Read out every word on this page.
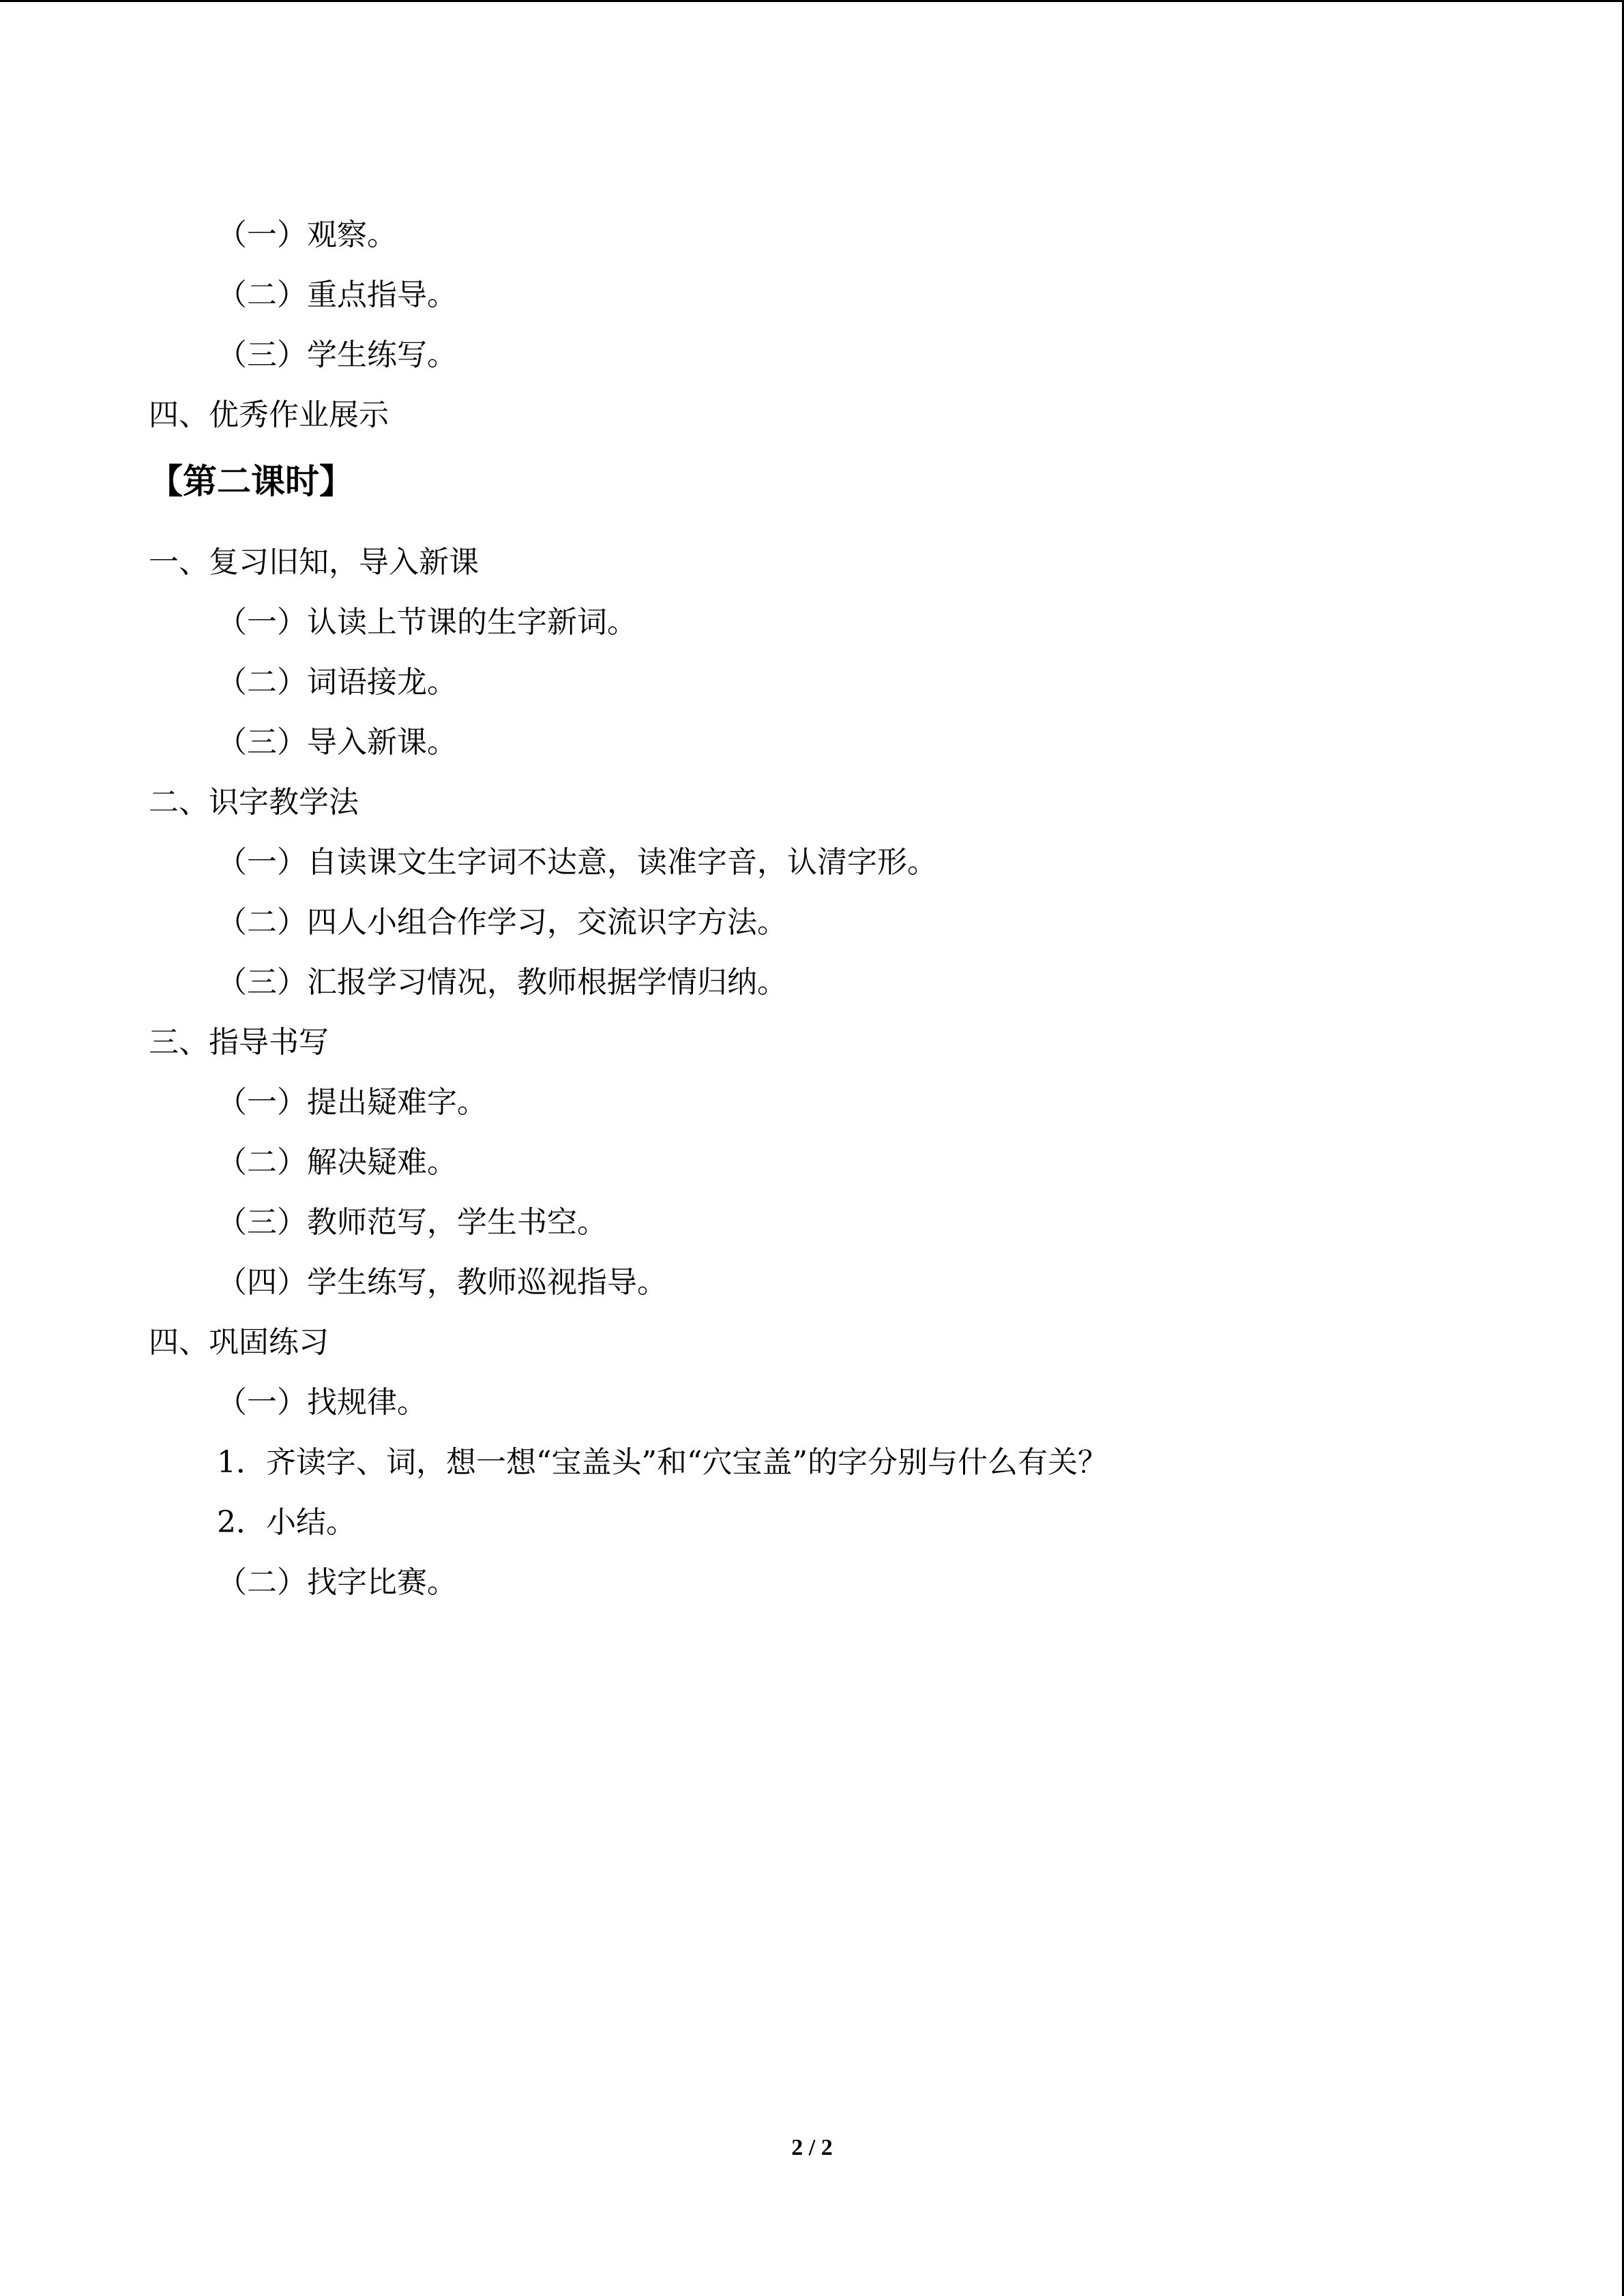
（一）观察。
（二）重点指导。
（三）学生练写。
四、优秀作业展示
【第二课时】
一、复习旧知，导入新课
（一）认读上节课的生字新词。
（二）词语接龙。
（三）导入新课。
二、识字教学法
（一）自读课文生字词不达意，读准字音，认清字形。
（二）四人小组合作学习，交流识字方法。
（三）汇报学习情况，教师根据学情归纳。
三、指导书写
（一）提出疑难字。
（二）解决疑难。
（三）教师范写，学生书空。
（四）学生练写，教师巡视指导。
四、巩固练习
（一）找规律。
1．齐读字、词，想一想“宝盖头”和“穴宝盖”的字分别与什么有关？
2．小结。
（二）找字比赛。
2 / 2
